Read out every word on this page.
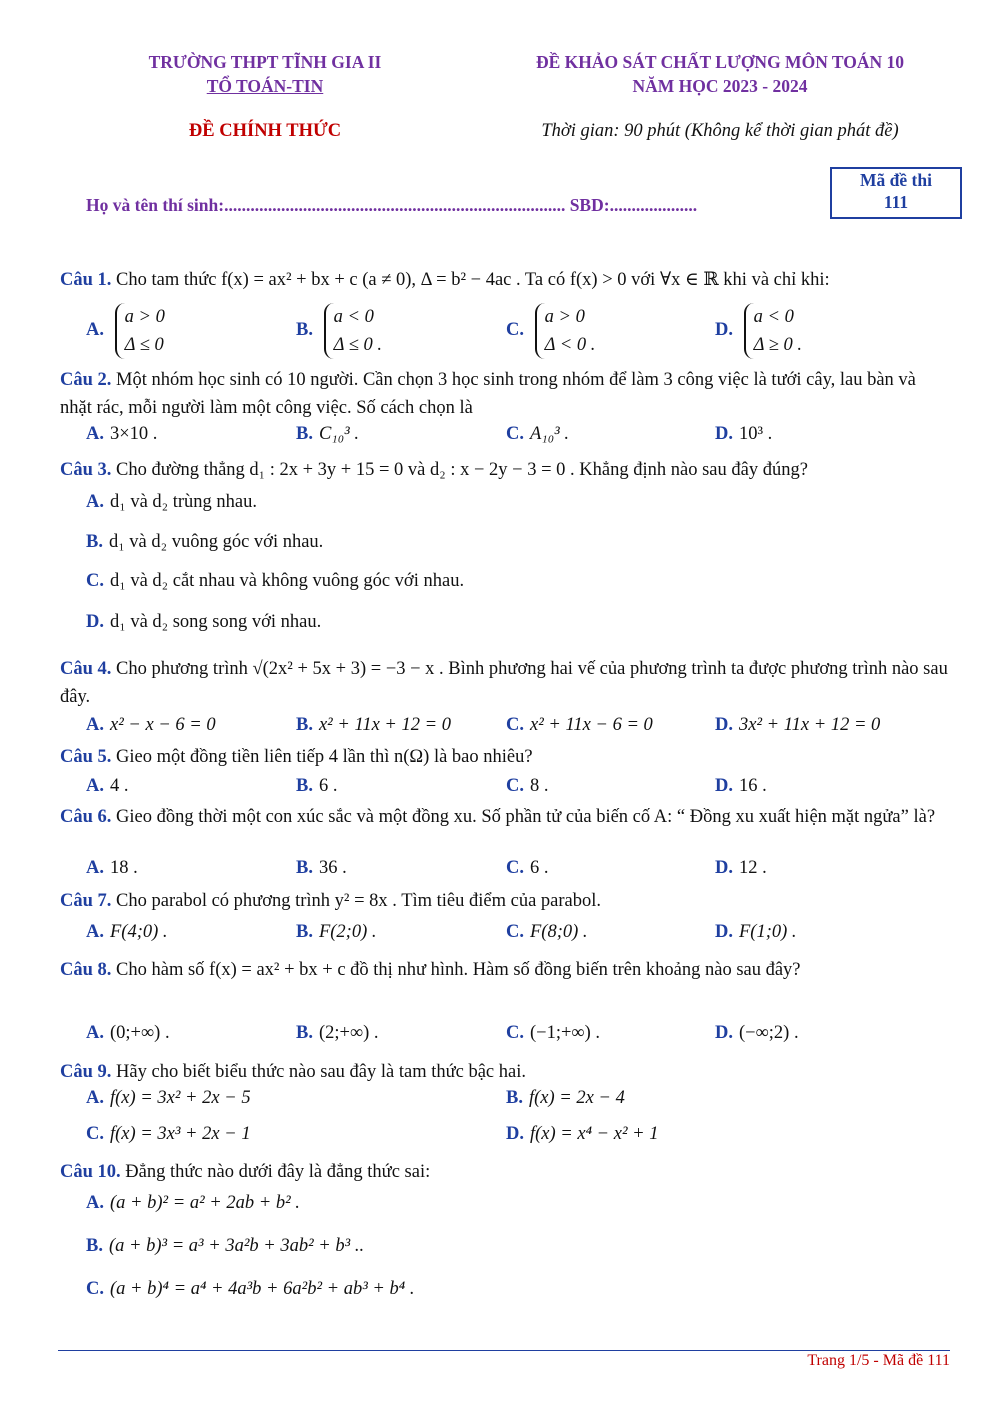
TRƯỜNG THPT TĨNH GIA II
TỔ TOÁN-TIN
ĐỀ KHẢO SÁT CHẤT LƯỢNG MÔN TOÁN 10
NĂM HỌC 2023 - 2024
ĐỀ CHÍNH THỨC	Thời gian: 90 phút (Không kể thời gian phát đề)
Họ và tên thí sinh:.............................................................................. SBD:....................
Mã đề thi
111
Câu 1. Cho tam thức f(x) = ax² + bx + c (a ≠ 0), Δ = b² − 4ac . Ta có f(x) > 0 với ∀x ∈ ℝ khi và chỉ khi:
A. a > 0
Δ ≤ 0
B. a < 0
Δ ≤ 0 .
C. a > 0
Δ < 0 .
D. a < 0
Δ ≥ 0 .
Câu 2. Một nhóm học sinh có 10 người. Cần chọn 3 học sinh trong nhóm để làm 3 công việc là tưới cây, lau bàn và nhặt rác, mỗi người làm một công việc. Số cách chọn là
A. 3×10 .	B. C₁₀³ .	C. A₁₀³ .	D. 10³ .
Câu 3. Cho đường thẳng d₁ : 2x + 3y + 15 = 0 và d₂ : x − 2y − 3 = 0 . Khẳng định nào sau đây đúng?
A. d₁ và d₂ trùng nhau.
B. d₁ và d₂ vuông góc với nhau.
C. d₁ và d₂ cắt nhau và không vuông góc với nhau.
D. d₁ và d₂ song song với nhau.
Câu 4. Cho phương trình √(2x² + 5x + 3) = −3 − x . Bình phương hai vế của phương trình ta được phương trình nào sau đây.
A. x² − x − 6 = 0	B. x² + 11x + 12 = 0	C. x² + 11x − 6 = 0	D. 3x² + 11x + 12 = 0
Câu 5. Gieo một đồng tiền liên tiếp 4 lần thì n(Ω) là bao nhiêu?
A. 4 .	B. 6 .	C. 8 .	D. 16 .
Câu 6. Gieo đồng thời một con xúc sắc và một đồng xu. Số phần tử của biến cố A: “ Đồng xu xuất hiện mặt ngửa” là?
A. 18 .	B. 36 .	C. 6 .	D. 12 .
Câu 7. Cho parabol có phương trình y² = 8x . Tìm tiêu điểm của parabol.
A. F(4;0) .	B. F(2;0) .	C. F(8;0) .	D. F(1;0) .
Câu 8. Cho hàm số f(x) = ax² + bx + c đồ thị như hình. Hàm số đồng biến trên khoảng nào sau đây?
A. (0;+∞) .	B. (2;+∞) .	C. (−1;+∞) .	D. (−∞;2) .
Câu 9. Hãy cho biết biểu thức nào sau đây là tam thức bậc hai.
A. f(x) = 3x² + 2x − 5	B. f(x) = 2x − 4
C. f(x) = 3x³ + 2x − 1	D. f(x) = x⁴ − x² + 1
Câu 10. Đẳng thức nào dưới đây là đẳng thức sai:
A. (a + b)² = a² + 2ab + b² .
B. (a + b)³ = a³ + 3a²b + 3ab² + b³ ..
C. (a + b)⁴ = a⁴ + 4a³b + 6a²b² + ab³ + b⁴ .
Trang 1/5 - Mã đề 111
